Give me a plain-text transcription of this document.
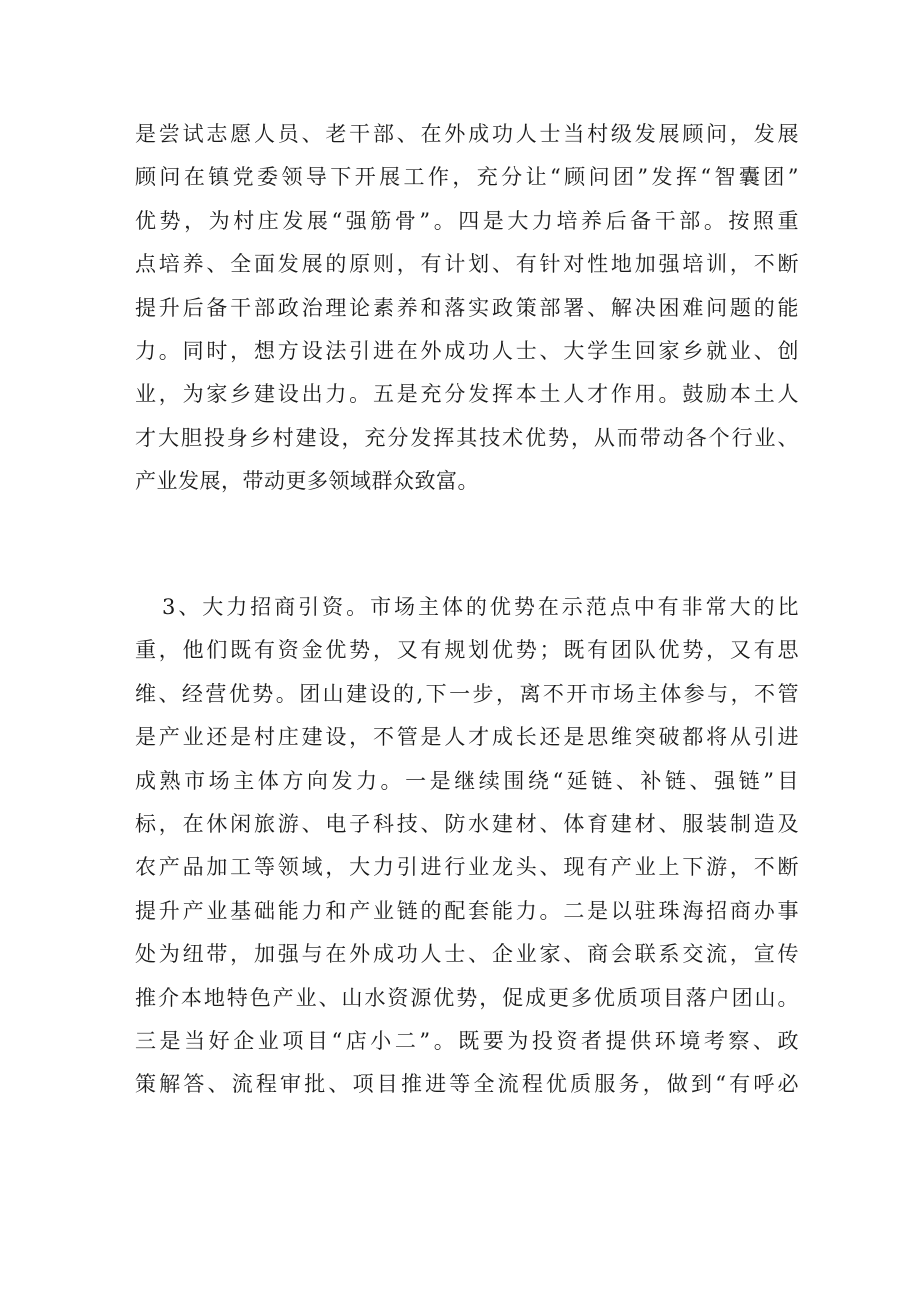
是尝试志愿人员、老干部、在外成功人士当村级发展顾问，发展
顾问在镇党委领导下开展工作，充分让“顾问团”发挥“智囊团”
优势，为村庄发展“强筋骨”。四是大力培养后备干部。按照重
点培养、全面发展的原则，有计划、有针对性地加强培训，不断
提升后备干部政治理论素养和落实政策部署、解决困难问题的能
力。同时，想方设法引进在外成功人士、大学生回家乡就业、创
业，为家乡建设出力。五是充分发挥本土人才作用。鼓励本土人
才大胆投身乡村建设，充分发挥其技术优势，从而带动各个行业、
产业发展，带动更多领域群众致富。
3、大力招商引资。市场主体的优势在示范点中有非常大的比
重，他们既有资金优势，又有规划优势；既有团队优势，又有思
维、经营优势。团山建设的,下一步，离不开市场主体参与，不管
是产业还是村庄建设，不管是人才成长还是思维突破都将从引进
成熟市场主体方向发力。一是继续围绕“延链、补链、强链”目
标，在休闲旅游、电子科技、防水建材、体育建材、服装制造及
农产品加工等领域，大力引进行业龙头、现有产业上下游，不断
提升产业基础能力和产业链的配套能力。二是以驻珠海招商办事
处为纽带，加强与在外成功人士、企业家、商会联系交流，宣传
推介本地特色产业、山水资源优势，促成更多优质项目落户团山。
三是当好企业项目“店小二”。既要为投资者提供环境考察、政
策解答、流程审批、项目推进等全流程优质服务，做到“有呼必
